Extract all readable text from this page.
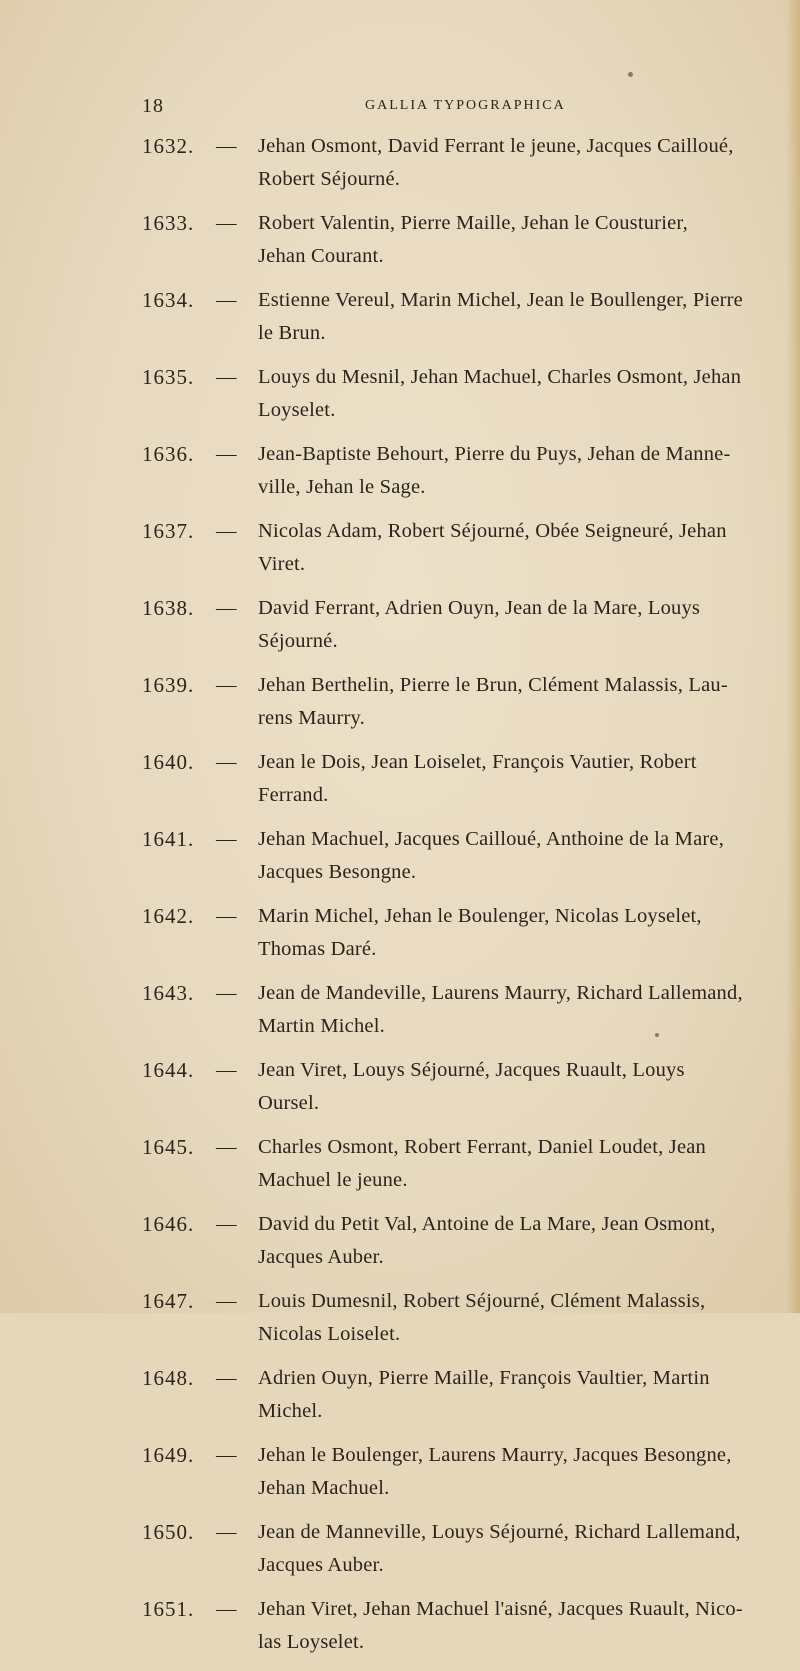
18	GALLIA TYPOGRAPHICA
1632. — Jehan Osmont, David Ferrant le jeune, Jacques Cailloué,
Robert Séjourné.
1633. — Robert Valentin, Pierre Maille, Jehan le Cousturier,
Jehan Courant.
1634. — Estienne Vereul, Marin Michel, Jean le Boullenger, Pierre
le Brun.
1635. — Louys du Mesnil, Jehan Machuel, Charles Osmont, Jehan
Loyselet.
1636. — Jean-Baptiste Behourt, Pierre du Puys, Jehan de Manne-
ville, Jehan le Sage.
1637. — Nicolas Adam, Robert Séjourné, Obée Seigneuré, Jehan
Viret.
1638. — David Ferrant, Adrien Ouyn, Jean de la Mare, Louys
Séjourné.
1639. — Jehan Berthelin, Pierre le Brun, Clément Malassis, Lau-
rens Maurry.
1640. — Jean le Dois, Jean Loiselet, François Vautier, Robert
Ferrand.
1641. — Jehan Machuel, Jacques Cailloué, Anthoine de la Mare,
Jacques Besongne.
1642. — Marin Michel, Jehan le Boulenger, Nicolas Loyselet,
Thomas Daré.
1643. — Jean de Mandeville, Laurens Maurry, Richard Lallemand,
Martin Michel.
1644. — Jean Viret, Louys Séjourné, Jacques Ruault, Louys
Oursel.
1645. — Charles Osmont, Robert Ferrant, Daniel Loudet, Jean
Machuel le jeune.
1646. — David du Petit Val, Antoine de La Mare, Jean Osmont,
Jacques Auber.
1647. — Louis Dumesnil, Robert Séjourné, Clément Malassis,
Nicolas Loiselet.
1648. — Adrien Ouyn, Pierre Maille, François Vaultier, Martin
Michel.
1649. — Jehan le Boulenger, Laurens Maurry, Jacques Besongne,
Jehan Machuel.
1650. — Jean de Manneville, Louys Séjourné, Richard Lallemand,
Jacques Auber.
1651. — Jehan Viret, Jehan Machuel l'aisné, Jacques Ruault, Nico-
las Loyselet.
